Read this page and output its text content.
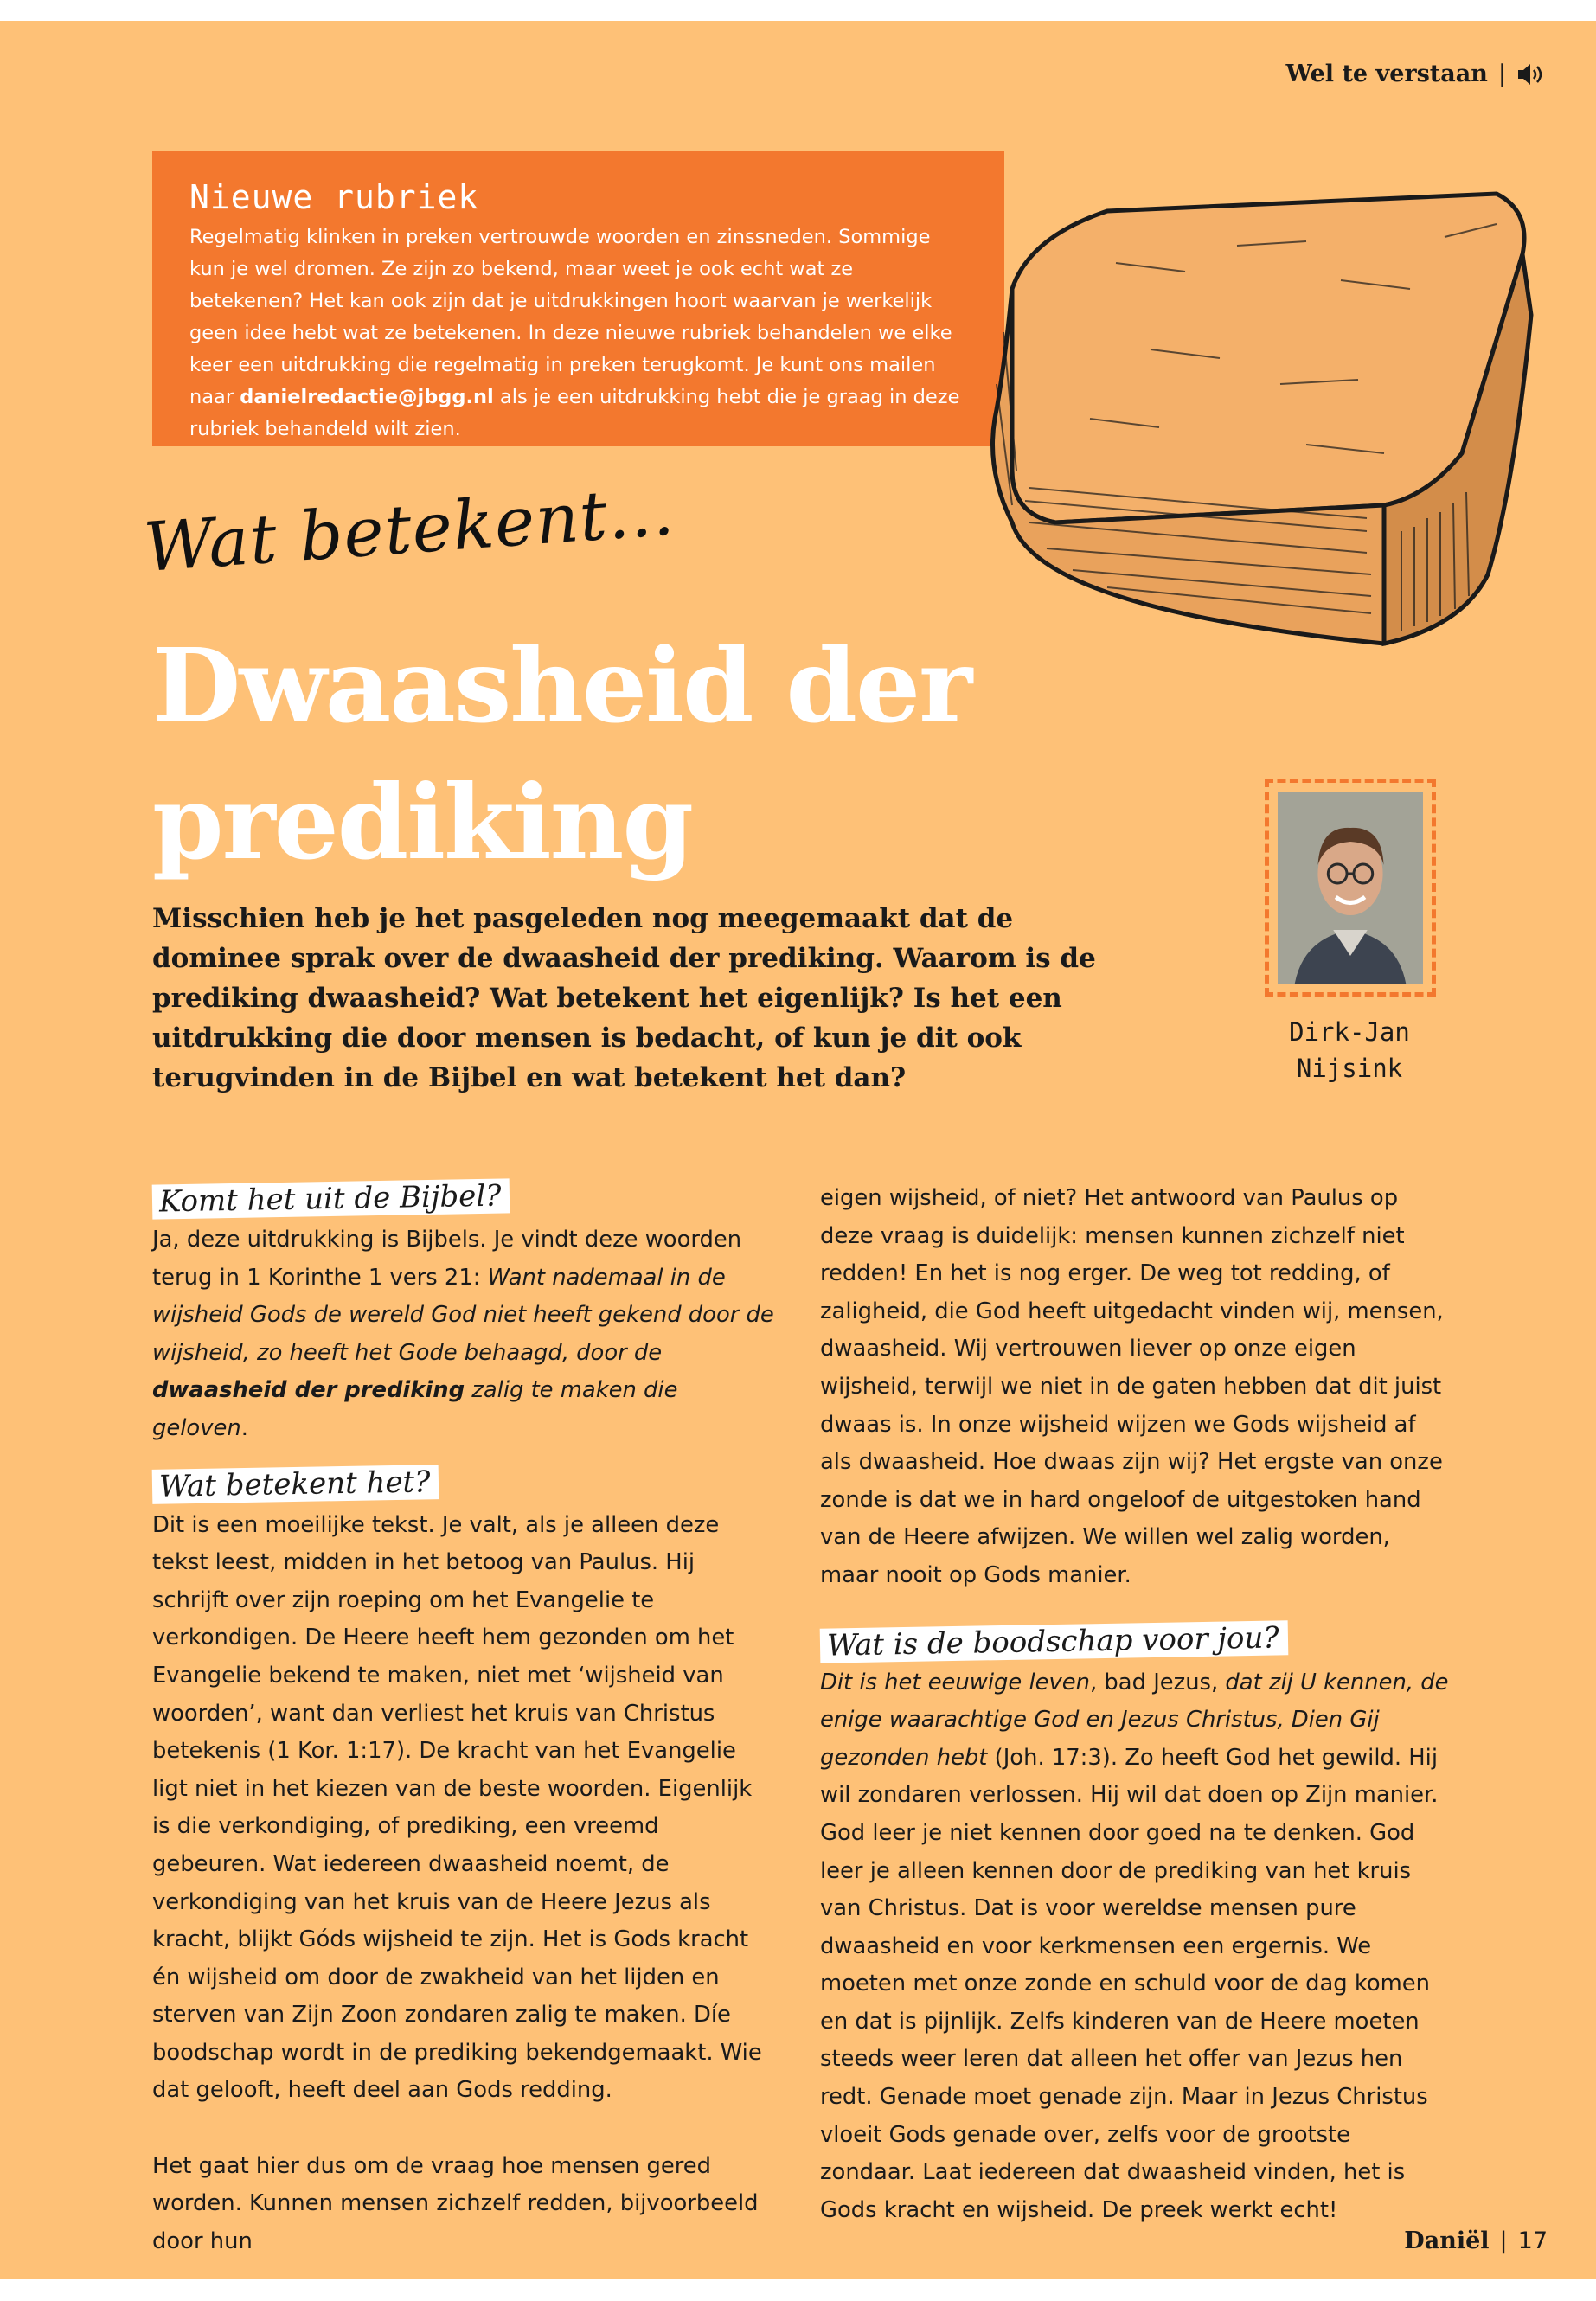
Wel te verstaan |
Nieuwe rubriek

Regelmatig klinken in preken vertrouwde woorden en zinssneden. Sommige kun je wel dromen. Ze zijn zo bekend, maar weet je ook echt wat ze betekenen? Het kan ook zijn dat je uitdrukkingen hoort waarvan je werkelijk geen idee hebt wat ze betekenen. In deze nieuwe rubriek behandelen we elke keer een uitdrukking die regelmatig in preken terugkomt. Je kunt ons mailen naar danielredactie@jbgg.nl als je een uitdrukking hebt die je graag in deze rubriek behandeld wilt zien.

Wat betekent...
Dwaasheid der
prediking

Misschien heb je het pasgeleden nog meegemaakt dat de dominee sprak over de dwaasheid der prediking. Waarom is de prediking dwaasheid? Wat betekent het eigenlijk? Is het een uitdrukking die door mensen is bedacht, of kun je dit ook terugvinden in de Bijbel en wat betekent het dan?

Dirk-Jan
Nijsink
Komt het uit de Bijbel?

Ja, deze uitdrukking is Bijbels. Je vindt deze woorden terug in 1 Korinthe 1 vers 21: Want nademaal in de wijsheid Gods de wereld God niet heeft gekend door de wijsheid, zo heeft het Gode behaagd, door de dwaasheid der prediking zalig te maken die geloven.

Wat betekent het?

Dit is een moeilijke tekst. Je valt, als je alleen deze tekst leest, midden in het betoog van Paulus. Hij schrijft over zijn roeping om het Evangelie te verkondigen. De Heere heeft hem gezonden om het Evangelie bekend te maken, niet met ‘wijsheid van woorden’, want dan verliest het kruis van Christus betekenis (1 Kor. 1:17). De kracht van het Evangelie ligt niet in het kiezen van de beste woorden. Eigenlijk is die verkondiging, of prediking, een vreemd gebeuren. Wat iedereen dwaasheid noemt, de verkondiging van het kruis van de Heere Jezus als kracht, blijkt Góds wijsheid te zijn. Het is Gods kracht én wijsheid om door de zwakheid van het lijden en sterven van Zijn Zoon zondaren zalig te maken. Díe boodschap wordt in de prediking bekendgemaakt. Wie dat gelooft, heeft deel aan Gods redding.

Het gaat hier dus om de vraag hoe mensen gered worden. Kunnen mensen zichzelf redden, bijvoorbeeld door hun

eigen wijsheid, of niet? Het antwoord van Paulus op deze vraag is duidelijk: mensen kunnen zichzelf niet redden! En het is nog erger. De weg tot redding, of zaligheid, die God heeft uitgedacht vinden wij, mensen, dwaasheid. Wij vertrouwen liever op onze eigen wijsheid, terwijl we niet in de gaten hebben dat dit juist dwaas is. In onze wijsheid wijzen we Gods wijsheid af als dwaasheid. Hoe dwaas zijn wij? Het ergste van onze zonde is dat we in hard ongeloof de uitgestoken hand van de Heere afwijzen. We willen wel zalig worden, maar nooit op Gods manier.

Wat is de boodschap voor jou?

Dit is het eeuwige leven, bad Jezus, dat zij U kennen, de enige waarachtige God en Jezus Christus, Dien Gij gezonden hebt (Joh. 17:3). Zo heeft God het gewild. Hij wil zondaren verlossen. Hij wil dat doen op Zijn manier. God leer je niet kennen door goed na te denken. God leer je alleen kennen door de prediking van het kruis van Christus. Dat is voor wereldse mensen pure dwaasheid en voor kerkmensen een ergernis. We moeten met onze zonde en schuld voor de dag komen en dat is pijnlijk. Zelfs kinderen van de Heere moeten steeds weer leren dat alleen het offer van Jezus hen redt. Genade moet genade zijn. Maar in Jezus Christus vloeit Gods genade over, zelfs voor de grootste zondaar. Laat iedereen dat dwaasheid vinden, het is Gods kracht en wijsheid. De preek werkt echt!

Daniël | 17
